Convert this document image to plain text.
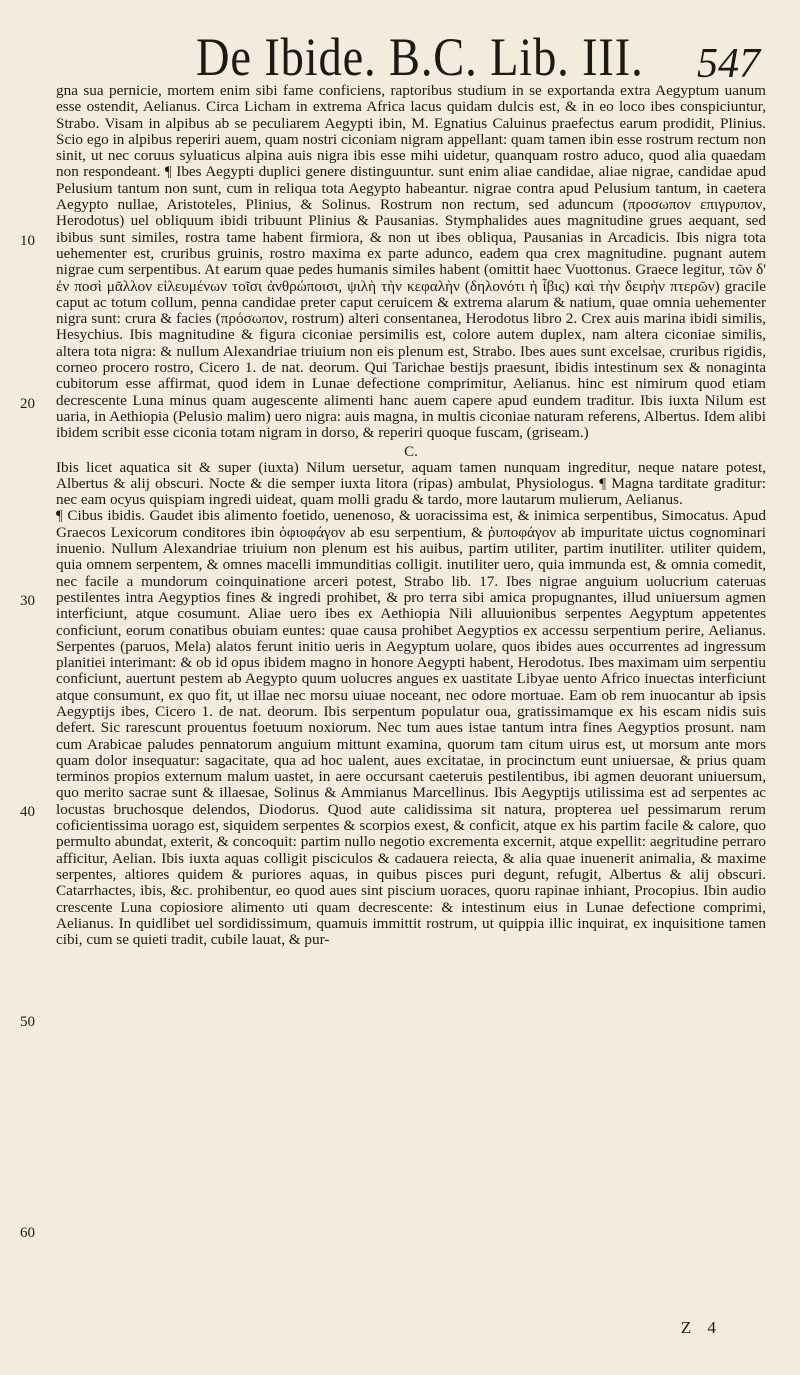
De Ibide. B.C. Lib. III. 547
10
20
30
40
50
60

gna sua pernicie, mortem enim sibi fame conficiens, raptoribus studium in se exportanda extra Aegyptum uanum esse ostendit, Aelianus. Circa Licham in extrema Africa lacus quidam dulcis est, & in eo loco ibes conspiciuntur, Strabo. Visam in alpibus ab se peculiarem Aegypti ibin, M. Egnatius Caluinus praefectus earum prodidit, Plinius. Scio ego in alpibus reperiri auem, quam nostri ciconiam nigram appellant: quam tamen ibin esse rostrum rectum non sinit, ut nec coruus syluaticus alpina auis nigra ibis esse mihi uidetur, quanquam rostro aduco, quod alia quaedam non respondeant. ¶ Ibes Aegypti duplici genere distinguuntur. sunt enim aliae candidae, aliae nigrae, candidae apud Pelusium tantum non sunt, cum in reliqua tota Aegypto habeantur. nigrae contra apud Pelusium tantum, in caetera Aegypto nullae, Aristoteles, Plinius, & Solinus. Rostrum non rectum, sed aduncum (προσωπον επιγρυπον, Herodotus) uel obliquum ibidi tribuunt Plinius & Pausanias. Stymphalides aues magnitudine grues aequant, sed ibibus sunt similes, rostra tame habent firmiora, & non ut ibes obliqua, Pausanias in Arcadicis. Ibis nigra tota uehementer est, cruribus gruinis, rostro maxima ex parte adunco, eadem qua crex magnitudine. pugnant autem nigrae cum serpentibus. At earum quae pedes humanis similes habent (omittit haec Vuottonus. Graece legitur, τῶν δ' ἐν ποσὶ μᾶλλον εἱλευμένων τοῖσι ἀνθρώποισι, ψιλὴ τὴν κεφαλὴν (δηλονότι ἡ ἶβις) καὶ τὴν δειρὴν πτερῶν) gracile caput ac totum collum, penna candidae preter caput ceruicem & extrema alarum & natium, quae omnia uehementer nigra sunt: crura & facies (πρόσωπον, rostrum) alteri consentanea, Herodotus libro 2. Crex auis marina ibidi similis, Hesychius. Ibis magnitudine & figura ciconiae persimilis est, colore autem duplex, nam altera ciconiae similis, altera tota nigra: & nullum Alexandriae triuium non eis plenum est, Strabo. Ibes aues sunt excelsae, cruribus rigidis, corneo procero rostro, Cicero 1. de nat. deorum. Qui Tarichae bestijs praesunt, ibidis intestinum sex & nonaginta cubitorum esse affirmat, quod idem in Lunae defectione comprimitur, Aelianus. hinc est nimirum quod etiam decrescente Luna minus quam augescente alimenti hanc auem capere apud eundem traditur. Ibis iuxta Nilum est uaria, in Aethiopia (Pelusio malim) uero nigra: auis magna, in multis ciconiae naturam referens, Albertus. Idem alibi ibidem scribit esse ciconia totam nigram in dorso, & reperiri quoque fuscam, (griseam.)

C.

Ibis licet aquatica sit & super (iuxta) Nilum uersetur, aquam tamen nunquam ingreditur, neque natare potest, Albertus & alij obscuri. Nocte & die semper iuxta litora (ripas) ambulat, Physiologus. ¶ Magna tarditate graditur: nec eam ocyus quispiam ingredi uideat, quam molli gradu & tardo, more lautarum mulierum, Aelianus.

¶ Cibus ibidis. Gaudet ibis alimento foetido, uenenoso, & uoracissima est, & inimica serpentibus, Simocatus. Apud Graecos Lexicorum conditores ibin ὀφιοφάγον ab esu serpentium, & ῥυποφάγον ab impuritate uictus cognominari inuenio. Nullum Alexandriae triuium non plenum est his auibus, partim utiliter, partim inutiliter. utiliter quidem, quia omnem serpentem, & omnes macelli immunditias colligit. inutiliter uero, quia immunda est, & omnia comedit, nec facile a mundorum coinquinatione arceri potest, Strabo lib. 17. Ibes nigrae anguium uolucrium cateruas pestilentes intra Aegyptios fines & ingredi prohibet, & pro terra sibi amica propugnantes, illud uniuersum agmen interficiunt, atque cosumunt. Aliae uero ibes ex Aethiopia Nili alluuionibus serpentes Aegyptum appetentes conficiunt, eorum conatibus obuiam euntes: quae causa prohibet Aegyptios ex accessu serpentium perire, Aelianus. Serpentes (paruos, Mela) alatos ferunt initio ueris in Aegyptum uolare, quos ibides aues occurrentes ad ingressum planitiei interimant: & ob id opus ibidem magno in honore Aegypti habent, Herodotus. Ibes maximam uim serpentiu conficiunt, auertunt pestem ab Aegypto quum uolucres angues ex uastitate Libyae uento Africo inuectas interficiunt atque consumunt, ex quo fit, ut illae nec morsu uiuae noceant, nec odore mortuae. Eam ob rem inuocantur ab ipsis Aegyptijs ibes, Cicero 1. de nat. deorum. Ibis serpentum populatur oua, gratissimamque ex his escam nidis suis defert. Sic rarescunt prouentus foetuum noxiorum. Nec tum aues istae tantum intra fines Aegyptios prosunt. nam cum Arabicae paludes pennatorum anguium mittunt examina, quorum tam citum uirus est, ut morsum ante mors quam dolor insequatur: sagacitate, qua ad hoc ualent, aues excitatae, in procinctum eunt uniuersae, & prius quam terminos propios externum malum uastet, in aere occursant caeteruis pestilentibus, ibi agmen deuorant uniuersum, quo merito sacrae sunt & illaesae, Solinus & Ammianus Marcellinus. Ibis Aegyptijs utilissima est ad serpentes ac locustas bruchosque delendos, Diodorus. Quod aute calidissima sit natura, propterea uel pessimarum rerum coficientissima uorago est, siquidem serpentes & scorpios exest, & conficit, atque ex his partim facile & calore, quo permulto abundat, exterit, & concoquit: partim nullo negotio excrementa excernit, atque expellit: aegritudine perraro afficitur, Aelian. Ibis iuxta aquas colligit pisciculos & cadauera reiecta, & alia quae inuenerit animalia, & maxime serpentes, altiores quidem & puriores aquas, in quibus pisces puri degunt, refugit, Albertus & alij obscuri. Catarrhactes, ibis, &c. prohibentur, eo quod aues sint piscium uoraces, quoru rapinae inhiant, Procopius. Ibin audio crescente Luna copiosiore alimento uti quam decrescente: & intestinum eius in Lunae defectione comprimi, Aelianus. In quidlibet uel sordidissimum, quamuis immittit rostrum, ut quippia illic inquirat, ex inquisitione tamen cibi, cum se quieti tradit, cubile lauat, & pur-

Z 4
